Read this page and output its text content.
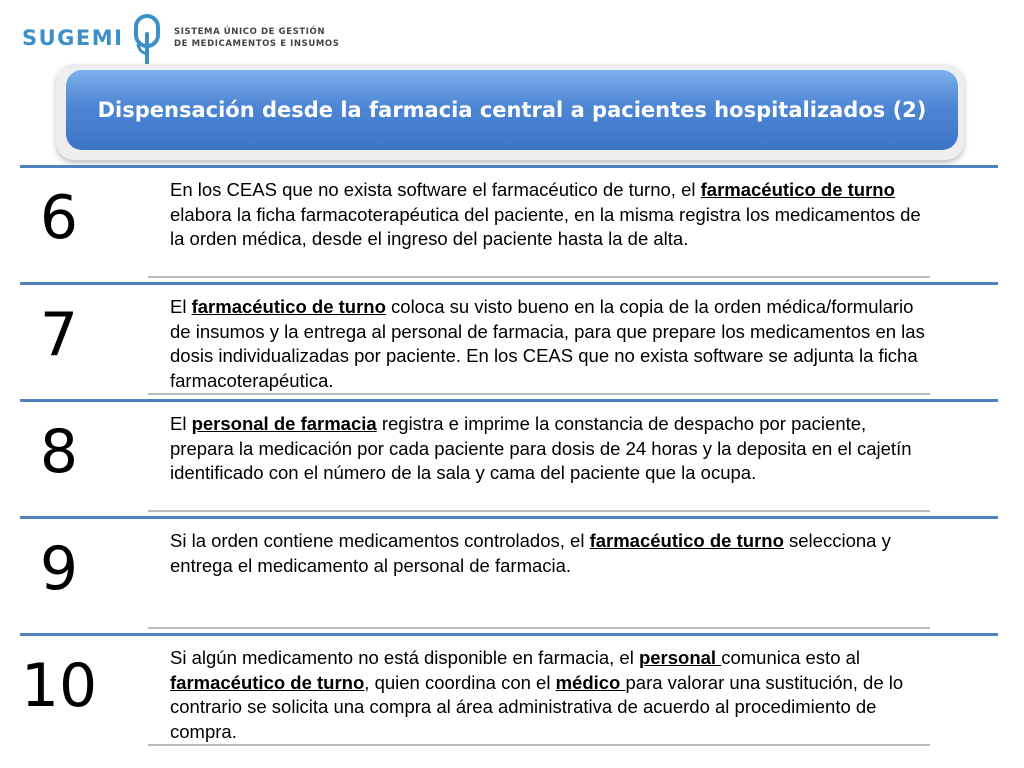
SUGEMI	SISTEMA ÚNICO DE GESTIÓN
DE MEDICAMENTOS E INSUMOS
Dispensación desde la farmacia central a pacientes hospitalizados (2)
6	En los CEAS que no exista software el farmacéutico de turno, el farmacéutico de turno elabora la ficha farmacoterapéutica del paciente, en la misma registra los medicamentos de la orden médica, desde el ingreso del paciente hasta la de alta.
7	El farmacéutico de turno coloca su visto bueno en la copia de la orden médica/formulario de insumos y la entrega al personal de farmacia, para que prepare los medicamentos en las dosis individualizadas por paciente. En los CEAS que no exista software se adjunta la ficha farmacoterapéutica.
8	El personal de farmacia registra e imprime la constancia de despacho por paciente, prepara la medicación por cada paciente para dosis de 24 horas y la deposita en el cajetín identificado con el número de la sala y cama del paciente que la ocupa.
9	Si la orden contiene medicamentos controlados, el farmacéutico de turno selecciona y entrega el medicamento al personal de farmacia.
10	Si algún medicamento no está disponible en farmacia, el personal comunica esto al farmacéutico de turno, quien coordina con el médico para valorar una sustitución, de lo contrario se solicita una compra al área administrativa de acuerdo al procedimiento de compra.
